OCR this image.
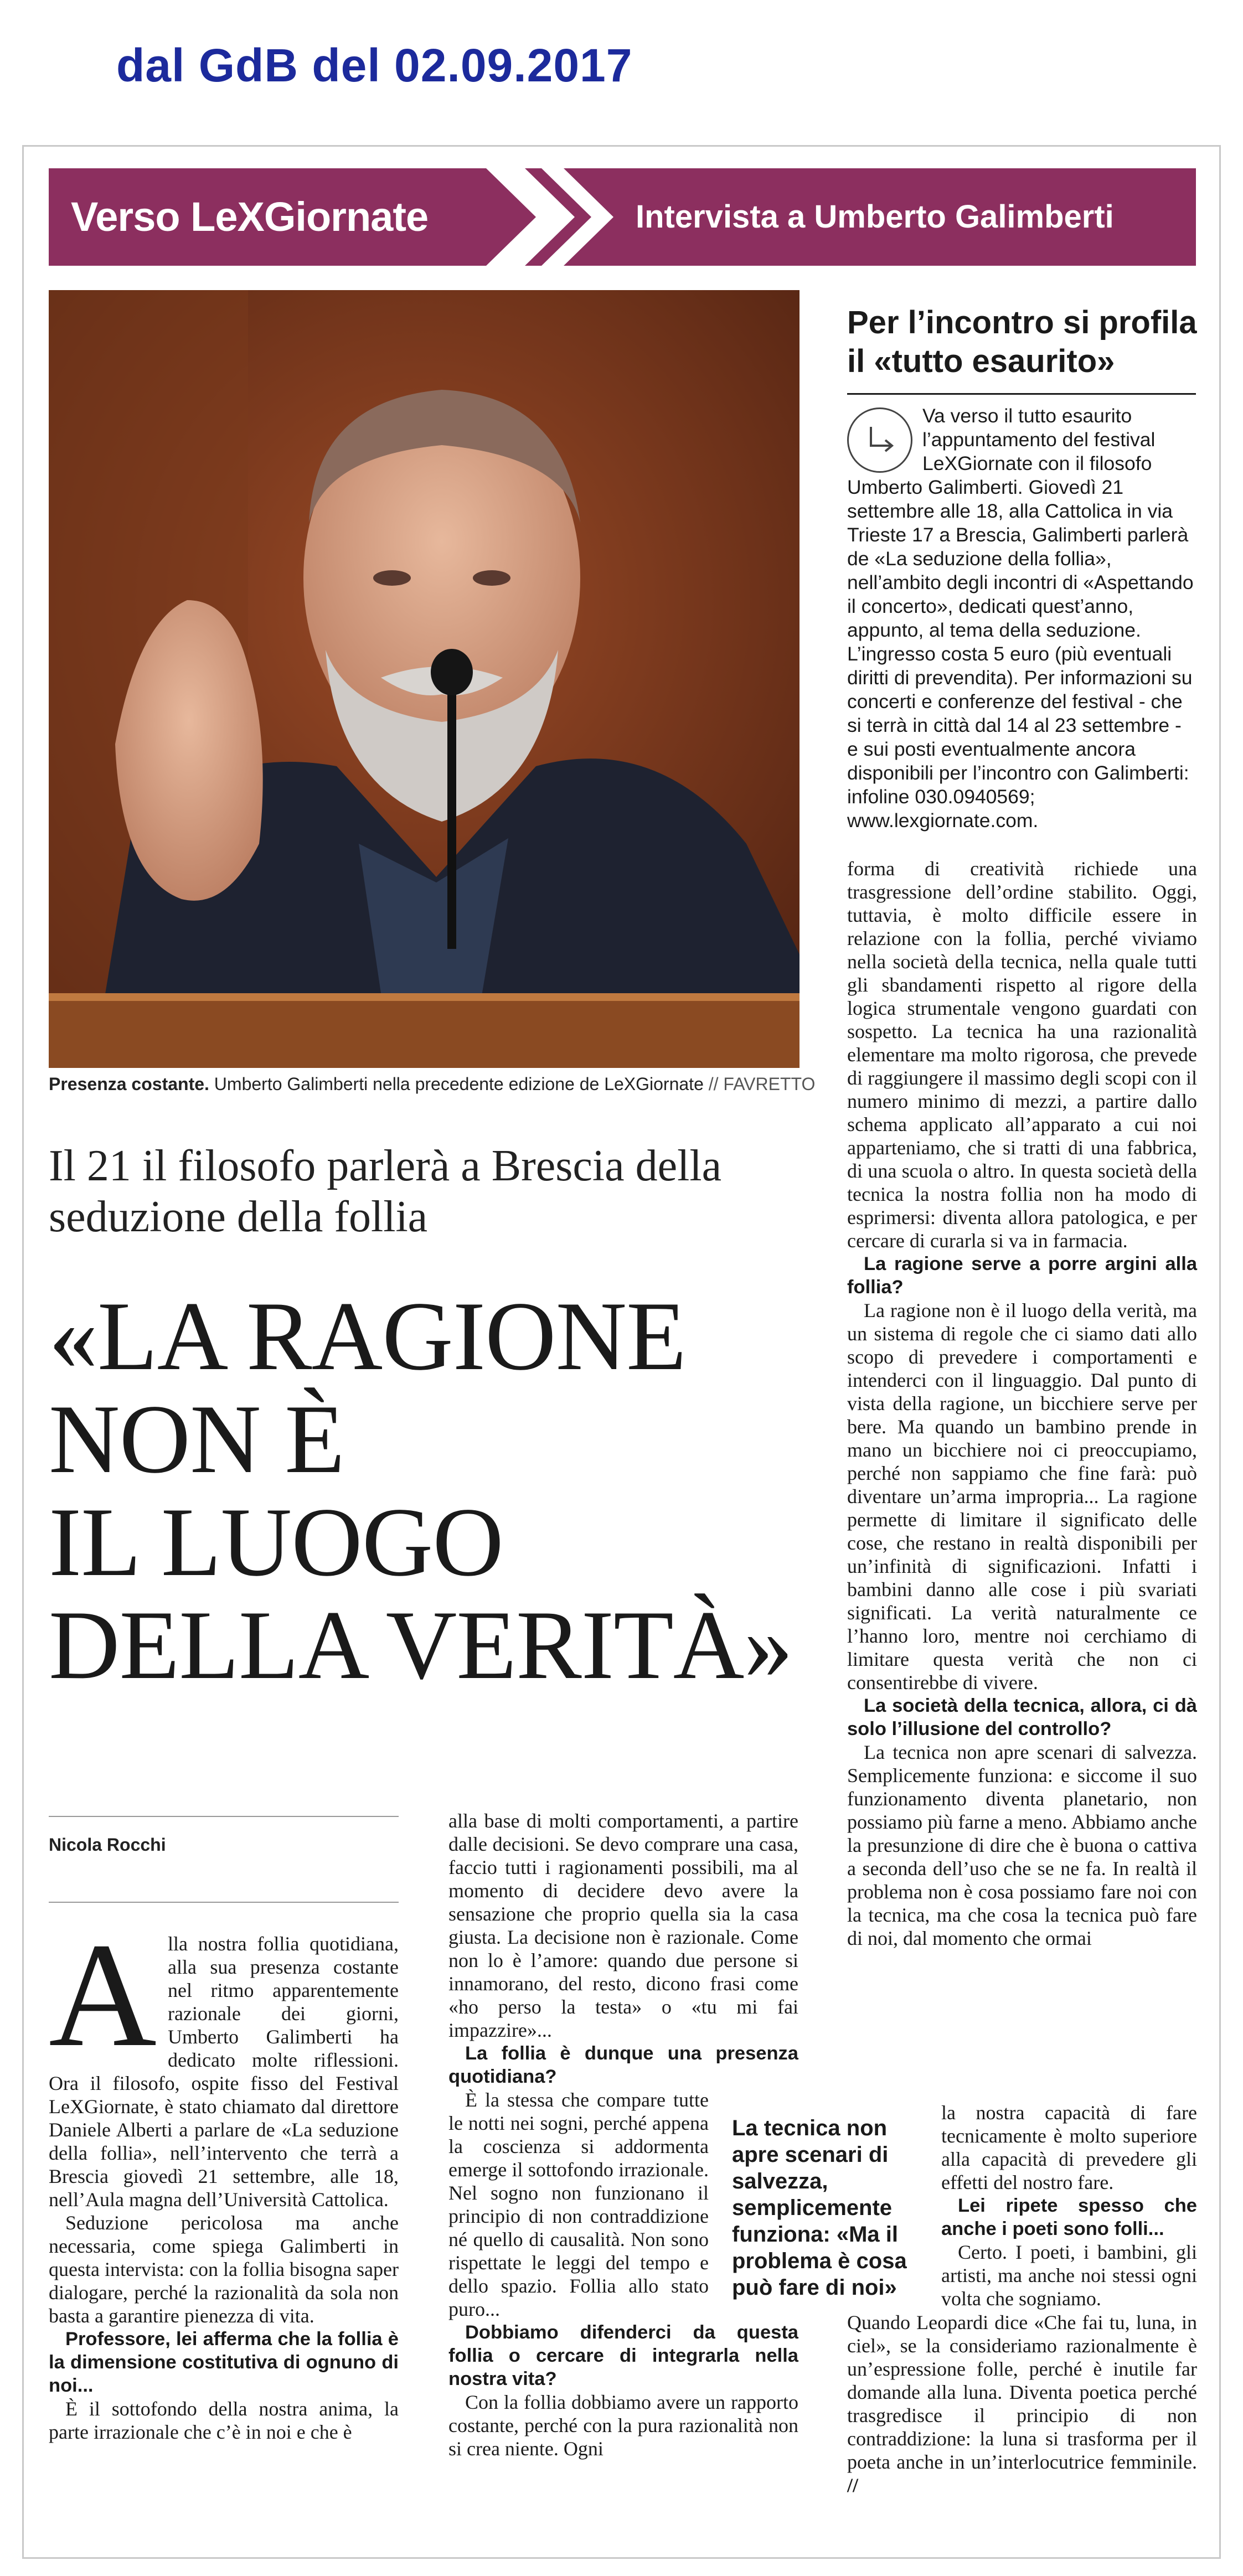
dal GdB del 02.09.2017
Verso LeXGiornate	Intervista a Umberto Galimberti
Presenza costante. Umberto Galimberti nella precedente edizione de LeXGiornate // FAVRETTO
Per l’incontro si profila il «tutto esaurito»
Va verso il tutto esaurito l’appuntamento del festival LeXGiornate con il filosofo Umberto Galimberti. Giovedì 21 settembre alle 18, alla Cattolica in via Trieste 17 a Brescia, Galimberti parlerà de «La seduzione della follia», nell’ambito degli incontri di «Aspettando il concerto», dedicati quest’anno, appunto, al tema della seduzione. L’ingresso costa 5 euro (più eventuali diritti di prevendita). Per informazioni su concerti e conferenze del festival - che si terrà in città dal 14 al 23 settembre - e sui posti eventualmente ancora disponibili per l’incontro con Galimberti: infoline 030.0940569; www.lexgiornate.com.
Il 21 il filosofo parlerà a Brescia della seduzione della follia
«LA RAGIONE
NON È
IL LUOGO
DELLA VERITÀ»
Nicola Rocchi

Alla nostra follia quotidiana, alla sua presenza costante nel ritmo apparentemente razionale dei giorni, Umberto Galimberti ha dedicato molte riflessioni. Ora il filosofo, ospite fisso del Festival LeXGiornate, è stato chiamato dal direttore Daniele Alberti a parlare de «La seduzione della follia», nell’intervento che terrà a Brescia giovedì 21 settembre, alle 18, nell’Aula magna dell’Università Cattolica.

Seduzione pericolosa ma anche necessaria, come spiega Galimberti in questa intervista: con la follia bisogna saper dialogare, perché la razionalità da sola non basta a garantire pienezza di vita.

Professore, lei afferma che la follia è la dimensione costitutiva di ognuno di noi...

È il sottofondo della nostra anima, la parte irrazionale che c’è in noi e che è

alla base di molti comportamenti, a partire dalle decisioni. Se devo comprare una casa, faccio tutti i ragionamenti possibili, ma al momento di decidere devo avere la sensazione che proprio quella sia la casa giusta. La decisione non è razionale. Come non lo è l’amore: quando due persone si innamorano, del resto, dicono frasi come «ho perso la testa» o «tu mi fai impazzire»...

La follia è dunque una presenza quotidiana?

È la stessa che compare tutte le notti nei sogni, perché appena la coscienza si addormenta emerge il sottofondo irrazionale. Nel sogno non funzionano il principio di non contraddizione né quello di causalità. Non sono rispettate le leggi del tempo e dello spazio. Follia allo stato puro...

Dobbiamo difenderci da questa follia o cercare di integrarla nella nostra vita?

Con la follia dobbiamo avere un rapporto costante, perché con la pura razionalità non si crea niente. Ogni

La tecnica non apre scenari di salvezza, semplicemente funziona: «Ma il problema è cosa può fare di noi»

forma di creatività richiede una trasgressione dell’ordine stabilito. Oggi, tuttavia, è molto difficile essere in relazione con la follia, perché viviamo nella società della tecnica, nella quale tutti gli sbandamenti rispetto al rigore della logica strumentale vengono guardati con sospetto. La tecnica ha una razionalità elementare ma molto rigorosa, che prevede di raggiungere il massimo degli scopi con il numero minimo di mezzi, a partire dallo schema applicato all’apparato a cui noi apparteniamo, che si tratti di una fabbrica, di una scuola o altro. In questa società della tecnica la nostra follia non ha modo di esprimersi: diventa allora patologica, e per cercare di curarla si va in farmacia.

La ragione serve a porre argini alla follia?

La ragione non è il luogo della verità, ma un sistema di regole che ci siamo dati allo scopo di prevedere i comportamenti e intenderci con il linguaggio. Dal punto di vista della ragione, un bicchiere serve per bere. Ma quando un bambino prende in mano un bicchiere noi ci preoccupiamo, perché non sappiamo che fine farà: può diventare un’arma impropria... La ragione permette di limitare il significato delle cose, che restano in realtà disponibili per un’infinità di significazioni. Infatti i bambini danno alle cose i più svariati significati. La verità naturalmente ce l’hanno loro, mentre noi cerchiamo di limitare questa verità che non ci consentirebbe di vivere.

La società della tecnica, allora, ci dà solo l’illusione del controllo?

La tecnica non apre scenari di salvezza. Semplicemente funziona: e siccome il suo funzionamento diventa planetario, non possiamo più farne a meno. Abbiamo anche la presunzione di dire che è buona o cattiva a seconda dell’uso che se ne fa. In realtà il problema non è cosa possiamo fare noi con la tecnica, ma che cosa la tecnica può fare di noi, dal momento che ormai

la nostra capacità di fare tecnicamente è molto superiore alla capacità di prevedere gli effetti del nostro fare.

Lei ripete spesso che anche i poeti sono folli...

Certo. I poeti, i bambini, gli artisti, ma anche noi stessi ogni volta che sogniamo.

Quando Leopardi dice «Che fai tu, luna, in ciel», se la consideriamo razionalmente è un’espressione folle, perché è inutile far domande alla luna. Diventa poetica perché trasgredisce il principio di non contraddizione: la luna si trasforma per il poeta anche in un’interlocutrice femminile. //
